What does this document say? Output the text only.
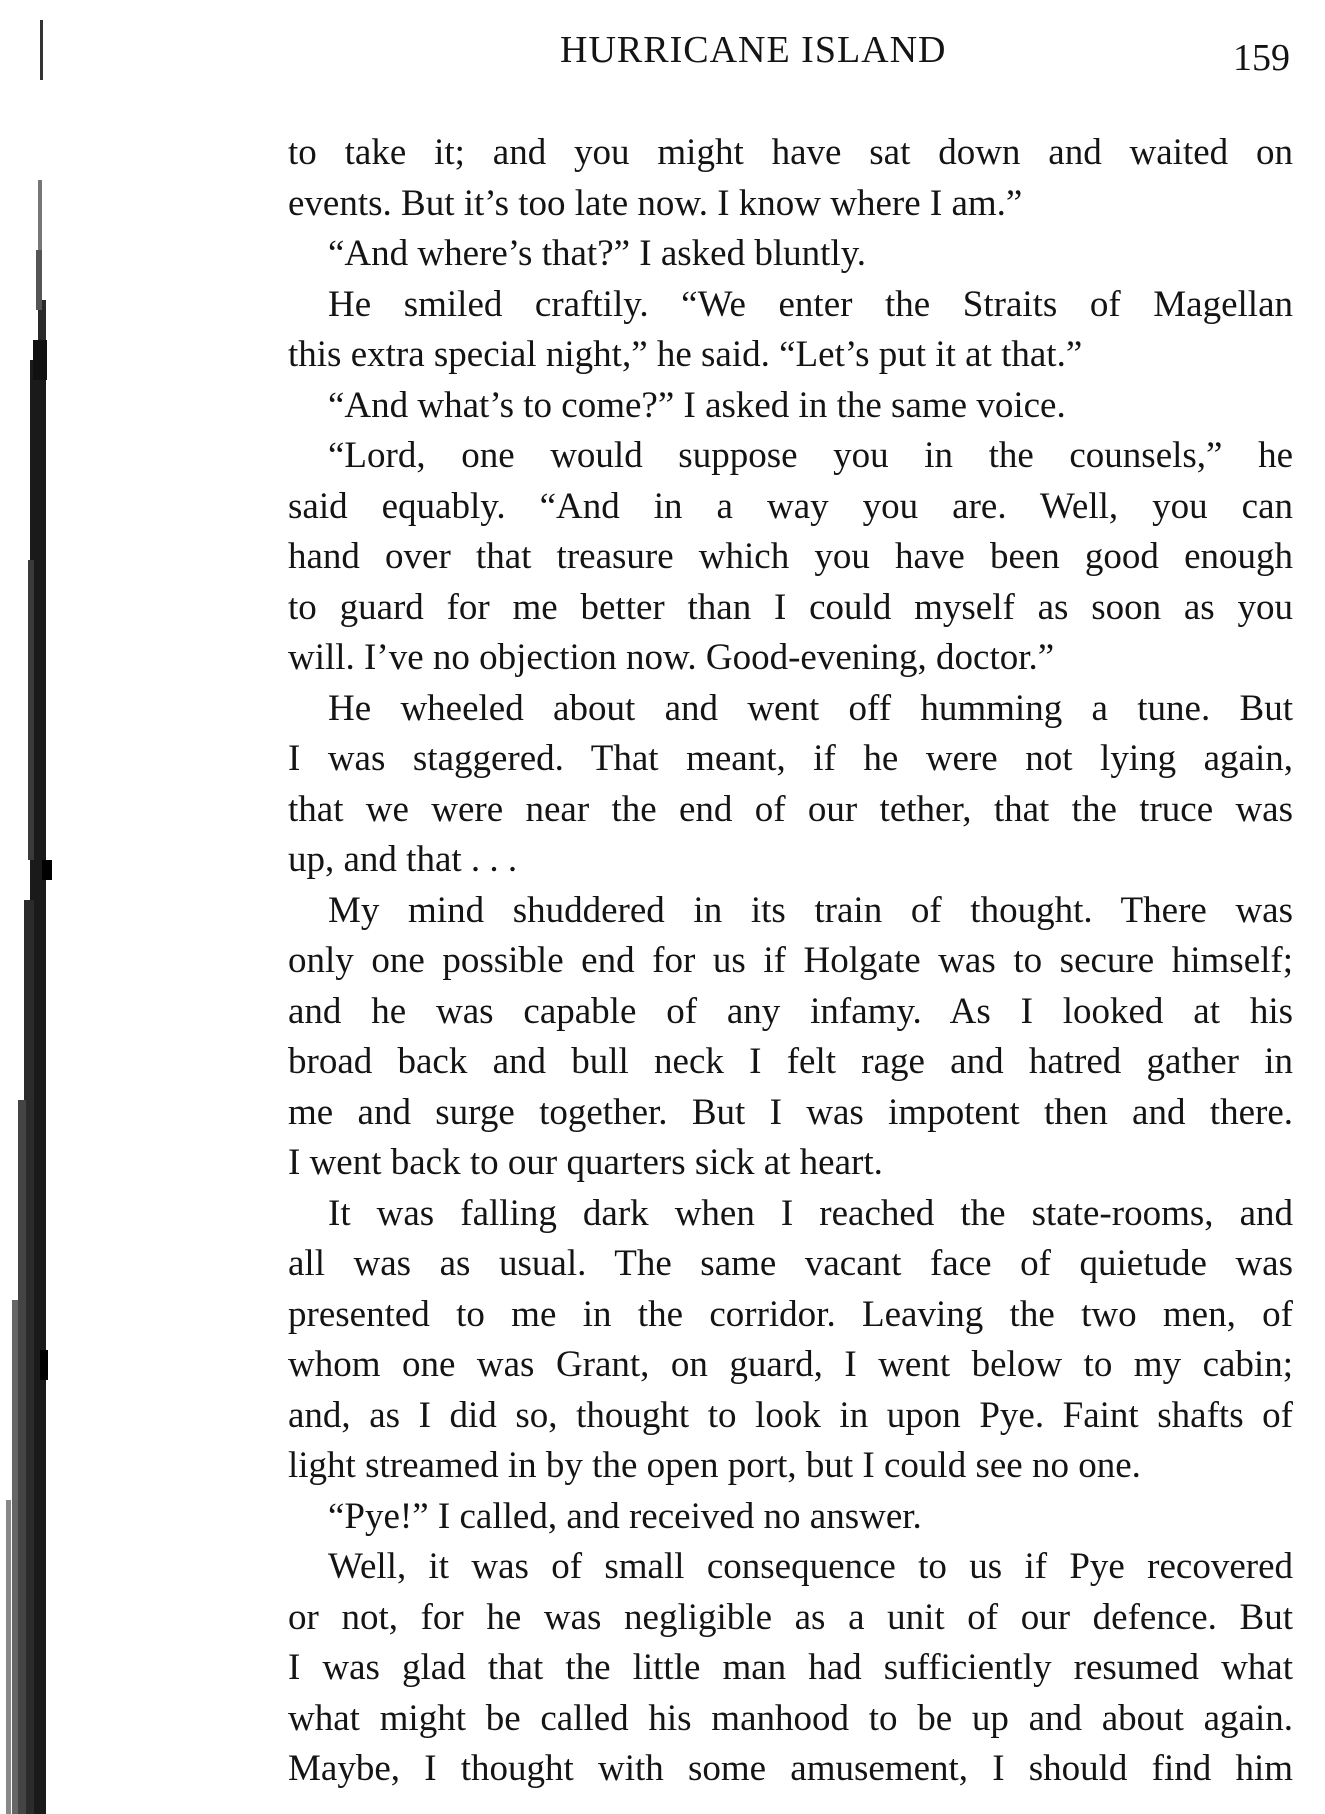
HURRICANE ISLAND	159
to take it; and you might have sat down and waited on
events. But it’s too late now. I know where I am.”
“And where’s that?” I asked bluntly.
He smiled craftily. “We enter the Straits of Magellan
this extra special night,” he said. “Let’s put it at that.”
“And what’s to come?” I asked in the same voice.
“Lord, one would suppose you in the counsels,” he
said equably. “And in a way you are. Well, you can
hand over that treasure which you have been good enough
to guard for me better than I could myself as soon as you
will. I’ve no objection now. Good-evening, doctor.”
He wheeled about and went off humming a tune. But
I was staggered. That meant, if he were not lying again,
that we were near the end of our tether, that the truce was
up, and that . . .
My mind shuddered in its train of thought. There was
only one possible end for us if Holgate was to secure himself;
and he was capable of any infamy. As I looked at his
broad back and bull neck I felt rage and hatred gather in
me and surge together. But I was impotent then and there.
I went back to our quarters sick at heart.
It was falling dark when I reached the state-rooms, and
all was as usual. The same vacant face of quietude was
presented to me in the corridor. Leaving the two men, of
whom one was Grant, on guard, I went below to my cabin;
and, as I did so, thought to look in upon Pye. Faint shafts of
light streamed in by the open port, but I could see no one.
“Pye!” I called, and received no answer.
Well, it was of small consequence to us if Pye recovered
or not, for he was negligible as a unit of our defence. But
I was glad that the little man had sufficiently resumed what
what might be called his manhood to be up and about again.
Maybe, I thought with some amusement, I should find him
